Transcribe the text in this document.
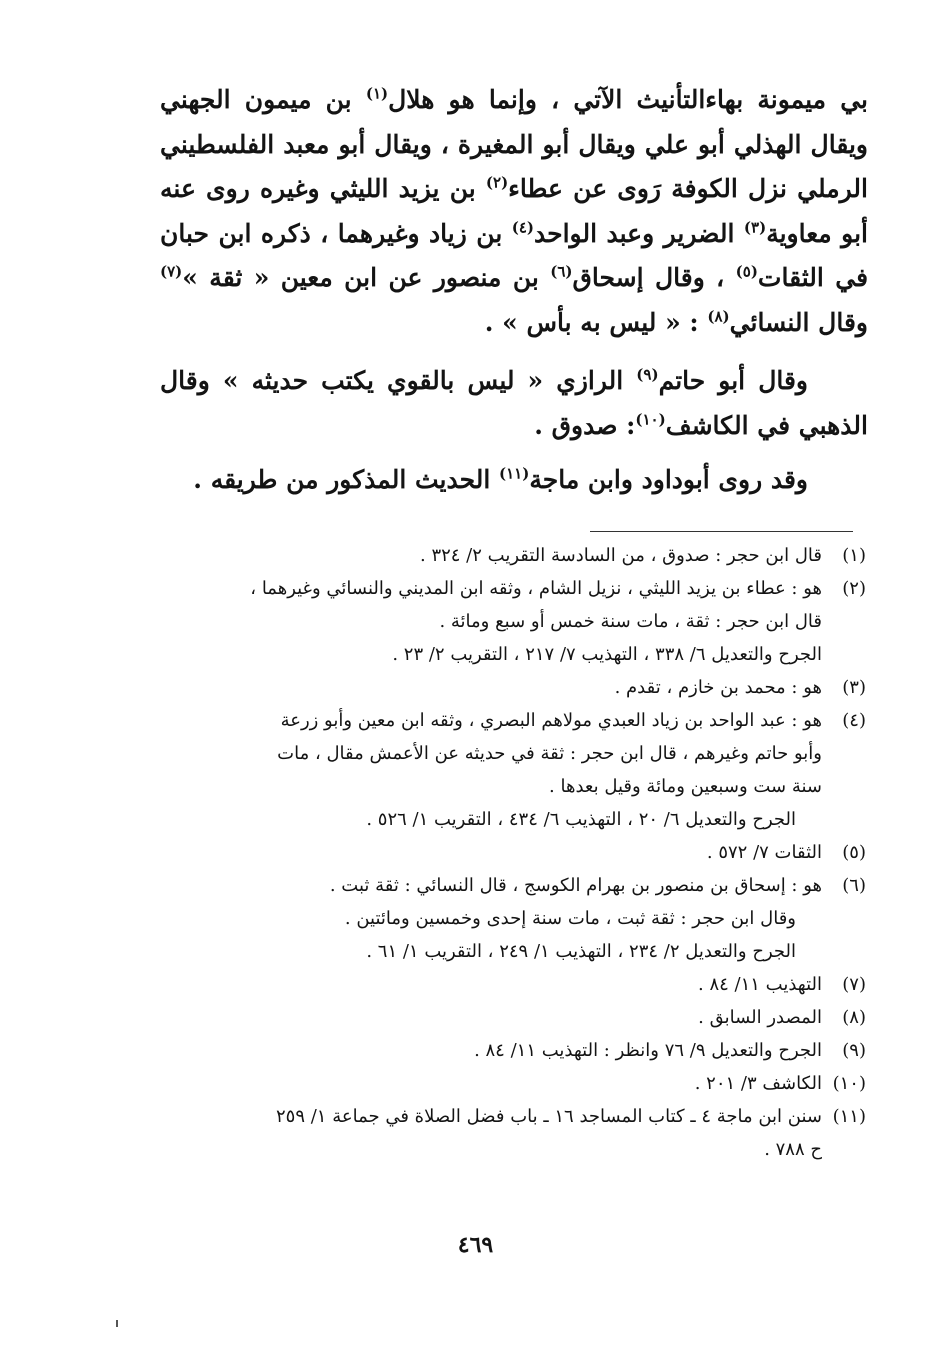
بي ميمونة بهاءالتأنيث الآتي ، وإنما هو هلال$^{(١)}$ بن ميمون الجهني ويقال الهذلي أبو علي ويقال أبو المغيرة ، ويقال أبو معبد الفلسطيني الرملي نزل الكوفة رَوى عن عطاء$^{(٢)}$ بن يزيد الليثي وغيره روى عنه أبو معاوية$^{(٣)}$ الضرير وعبد الواحد$^{(٤)}$ بن زياد وغيرهما ، ذكره ابن حبان في الثقات$^{(٥)}$ ، وقال إسحاق$^{(٦)}$ بن منصور عن ابن معين « ثقة »$^{(٧)}$ وقال النسائي$^{(٨)}$ : « ليس به بأس » .

وقال أبو حاتم$^{(٩)}$ الرازي « ليس بالقوي يكتب حديثه » وقال الذهبي في الكاشف$^{(١٠)}$: صدوق .

وقد روى أبوداود وابن ماجة$^{(١١)}$ الحديث المذكور من طريقه .

(١)
قال ابن حجر : صدوق ، من السادسة التقريب ٢/ ٣٢٤ .
(٢)
هو : عطاء بن يزيد الليثي ، نزيل الشام ، وثقه ابن المديني والنسائي وغيرهما ،
قال ابن حجر : ثقة ، مات سنة خمس أو سبع ومائة .
الجرح والتعديل ٦/ ٣٣٨ ، التهذيب ٧/ ٢١٧ ، التقريب ٢/ ٢٣ .
(٣)
هو : محمد بن خازم ، تقدم .
(٤)
هو : عبد الواحد بن زياد العبدي مولاهم البصري ، وثقه ابن معين وأبو زرعة
وأبو حاتم وغيرهم ، قال ابن حجر : ثقة في حديثه عن الأعمش مقال ، مات
سنة ست وسبعين ومائة وقيل بعدها .
الجرح والتعديل ٦/ ٢٠ ، التهذيب ٦/ ٤٣٤ ، التقريب ١/ ٥٢٦ .
(٥)
الثقات ٧/ ٥٧٢ .
(٦)
هو : إسحاق بن منصور بن بهرام الكوسج ، قال النسائي : ثقة ثبت .
وقال ابن حجر : ثقة ثبت ، مات سنة إحدى وخمسين ومائتين .
الجرح والتعديل ٢/ ٢٣٤ ، التهذيب ١/ ٢٤٩ ، التقريب ١/ ٦١ .
(٧)
التهذيب ١١/ ٨٤ .
(٨)
المصدر السابق .
(٩)
الجرح والتعديل ٩/ ٧٦ وانظر : التهذيب ١١/ ٨٤ .
(١٠)
الكاشف ٣/ ٢٠١ .
(١١)
سنن ابن ماجة ٤ ـ كتاب المساجد ١٦ ـ باب فضل الصلاة في جماعة ١/ ٢٥٩
ح ٧٨٨ .
٤٦٩
